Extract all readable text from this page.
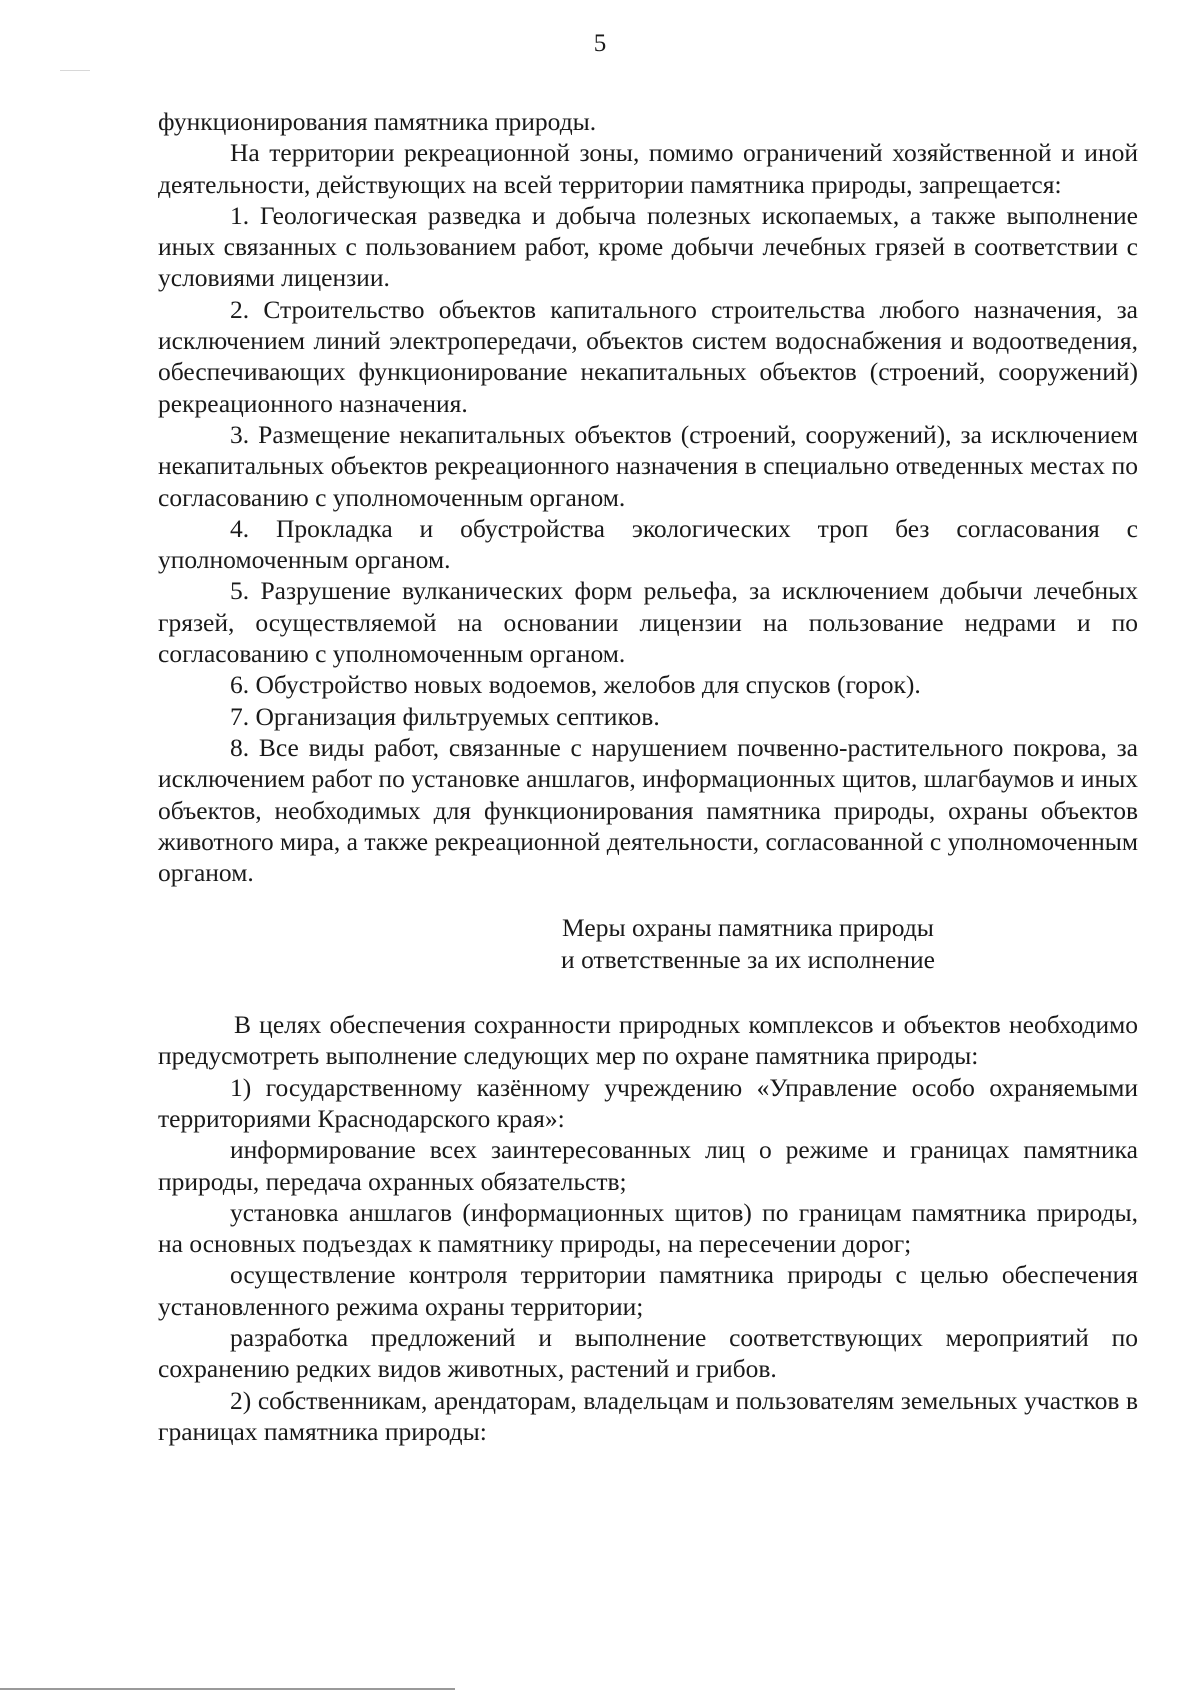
5

функционирования памятника природы.

На территории рекреационной зоны, помимо ограничений хозяйственной и иной деятельности, действующих на всей территории памятника природы, запрещается:

1. Геологическая разведка и добыча полезных ископаемых, а также выполнение иных связанных с пользованием работ, кроме добычи лечебных грязей в соответствии с условиями лицензии.

2. Строительство объектов капитального строительства любого назначения, за исключением линий электропередачи, объектов систем водоснабжения и водоотведения, обеспечивающих функционирование некапитальных объектов (строений, сооружений) рекреационного назначения.

3. Размещение некапитальных объектов (строений, сооружений), за исключением некапитальных объектов рекреационного назначения в специально отведенных местах по согласованию с уполномоченным органом.

4. Прокладка и обустройства экологических троп без согласования с уполномоченным органом.

5. Разрушение вулканических форм рельефа, за исключением добычи лечебных грязей, осуществляемой на основании лицензии на пользование недрами и по согласованию с уполномоченным органом.

6. Обустройство новых водоемов, желобов для спусков (горок).

7. Организация фильтруемых септиков.

8. Все виды работ, связанные с нарушением почвенно-растительного покрова, за исключением работ по установке аншлагов, информационных щитов, шлагбаумов и иных объектов, необходимых для функционирования памятника природы, охраны объектов животного мира, а также рекреационной деятельности, согласованной с уполномоченным органом.

Меры охраны памятника природы

и ответственные за их исполнение

В целях обеспечения сохранности природных комплексов и объектов необходимо предусмотреть выполнение следующих мер по охране памятника природы:

1) государственному казённому учреждению «Управление особо охраняемыми территориями Краснодарского края»:

информирование всех заинтересованных лиц о режиме и границах памятника природы, передача охранных обязательств;

установка аншлагов (информационных щитов) по границам памятника природы, на основных подъездах к памятнику природы, на пересечении дорог;

осуществление контроля территории памятника природы с целью обеспечения установленного режима охраны территории;

разработка предложений и выполнение соответствующих мероприятий по сохранению редких видов животных, растений и грибов.

2) собственникам, арендаторам, владельцам и пользователям земельных участков в границах памятника природы:
